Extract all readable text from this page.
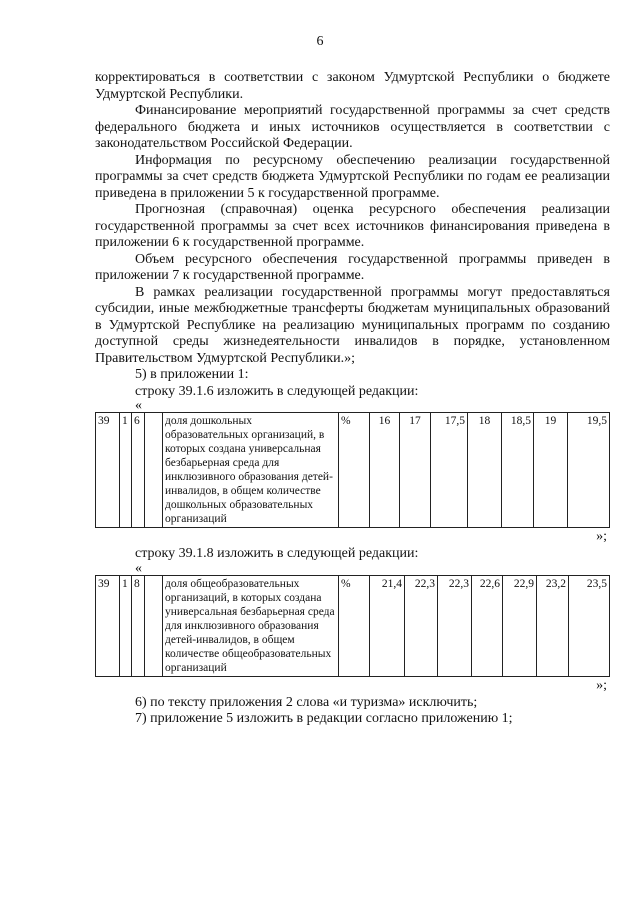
6
корректироваться в соответствии с законом Удмуртской Республики о бюджете Удмуртской Республики.
Финансирование мероприятий государственной программы за счет средств федерального бюджета и иных источников осуществляется в соответствии с законодательством Российской Федерации.
Информация по ресурсному обеспечению реализации государственной программы за счет средств бюджета Удмуртской Республики по годам ее реализации приведена в приложении 5 к государственной программе.
Прогнозная (справочная) оценка ресурсного обеспечения реализации государственной программы за счет всех источников финансирования приведена в приложении 6 к государственной программе.
Объем ресурсного обеспечения государственной программы приведен в приложении 7 к государственной программе.
В рамках реализации государственной программы могут предоставляться субсидии, иные межбюджетные трансферты бюджетам муниципальных образований в Удмуртской Республике на реализацию муниципальных программ по созданию доступной среды жизнедеятельности инвалидов в порядке, установленном Правительством Удмуртской Республики.»;
5) в приложении 1:
строку 39.1.6 изложить в следующей редакции:
«
39	1	6		доля дошкольных образовательных организаций, в которых создана универсальная безбарьерная среда для инклюзивного образования детей-инвалидов, в общем количестве дошкольных образовательных организаций	%	16	17	17,5	18	18,5	19	19,5
»;
строку 39.1.8 изложить в следующей редакции:
«
39	1	8		доля общеобразовательных организаций, в которых создана универсальная безбарьерная среда для инклюзивного образования детей-инвалидов, в общем количестве общеобразовательных организаций	%	21,4	22,3	22,3	22,6	22,9	23,2	23,5
»;
6) по тексту приложения 2 слова «и туризма» исключить;
7) приложение 5 изложить в редакции согласно приложению 1;
